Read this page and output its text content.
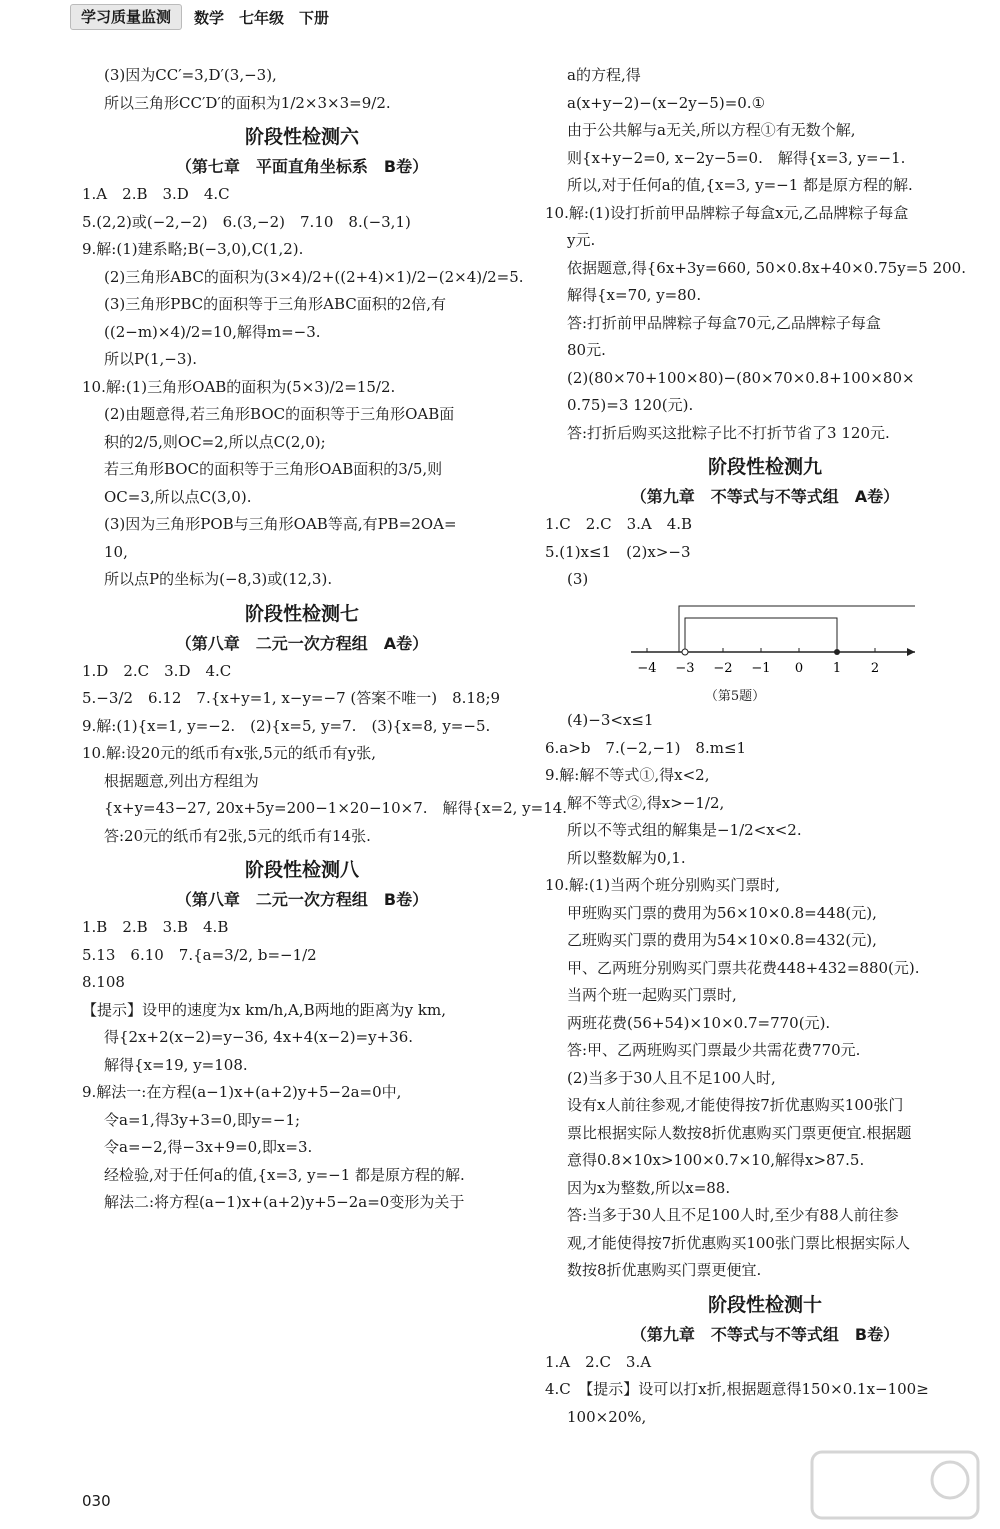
学习质量监测	数学　七年级　下册
(3)因为CC′=3,D′(3,−3),
所以三角形CC′D′的面积为1/2×3×3=9/2.
阶段性检测六
（第七章　平面直角坐标系　B卷）
1.A　2.B　3.D　4.C
5.(2,2)或(−2,−2)　6.(3,−2)　7.10　8.(−3,1)
9.解:(1)建系略;B(−3,0),C(1,2).
(2)三角形ABC的面积为(3×4)/2+((2+4)×1)/2−(2×4)/2=5.
(3)三角形PBC的面积等于三角形ABC面积的2倍,有
((2−m)×4)/2=10,解得m=−3.
所以P(1,−3).
10.解:(1)三角形OAB的面积为(5×3)/2=15/2.
(2)由题意得,若三角形BOC的面积等于三角形OAB面
积的2/5,则OC=2,所以点C(2,0);
若三角形BOC的面积等于三角形OAB面积的3/5,则
OC=3,所以点C(3,0).
(3)因为三角形POB与三角形OAB等高,有PB=2OA=
10,
所以点P的坐标为(−8,3)或(12,3).
阶段性检测七
（第八章　二元一次方程组　A卷）
1.D　2.C　3.D　4.C
5.−3/2　6.12　7.{x+y=1, x−y=−7 (答案不唯一)　8.18;9
9.解:(1){x=1, y=−2.　(2){x=5, y=7.　(3){x=8, y=−5.
10.解:设20元的纸币有x张,5元的纸币有y张,
根据题意,列出方程组为
{x+y=43−27, 20x+5y=200−1×20−10×7.　解得{x=2, y=14.
答:20元的纸币有2张,5元的纸币有14张.
阶段性检测八
（第八章　二元一次方程组　B卷）
1.B　2.B　3.B　4.B
5.13　6.10　7.{a=3/2, b=−1/2
8.108
【提示】设甲的速度为x km/h,A,B两地的距离为y km,
得{2x+2(x−2)=y−36, 4x+4(x−2)=y+36.
解得{x=19, y=108.
9.解法一:在方程(a−1)x+(a+2)y+5−2a=0中,
令a=1,得3y+3=0,即y=−1;
令a=−2,得−3x+9=0,即x=3.
经检验,对于任何a的值,{x=3, y=−1 都是原方程的解.
解法二:将方程(a−1)x+(a+2)y+5−2a=0变形为关于
a的方程,得
a(x+y−2)−(x−2y−5)=0.①
由于公共解与a无关,所以方程①有无数个解,
则{x+y−2=0, x−2y−5=0.　解得{x=3, y=−1.
所以,对于任何a的值,{x=3, y=−1 都是原方程的解.
10.解:(1)设打折前甲品牌粽子每盒x元,乙品牌粽子每盒
y元.
依据题意,得{6x+3y=660, 50×0.8x+40×0.75y=5 200.
解得{x=70, y=80.
答:打折前甲品牌粽子每盒70元,乙品牌粽子每盒
80元.
(2)(80×70+100×80)−(80×70×0.8+100×80×
0.75)=3 120(元).
答:打折后购买这批粽子比不打折节省了3 120元.
阶段性检测九
（第九章　不等式与不等式组　A卷）
1.C　2.C　3.A　4.B
5.(1)x≤1　(2)x>−3
(3)
−4 −3 −2 −1 0 1 2
（第5题）
(4)−3<x≤1
6.a>b　7.(−2,−1)　8.m≤1
9.解:解不等式①,得x<2,
解不等式②,得x>−1/2,
所以不等式组的解集是−1/2<x<2.
所以整数解为0,1.
10.解:(1)当两个班分别购买门票时,
甲班购买门票的费用为56×10×0.8=448(元),
乙班购买门票的费用为54×10×0.8=432(元),
甲、乙两班分别购买门票共花费448+432=880(元).
当两个班一起购买门票时,
两班花费(56+54)×10×0.7=770(元).
答:甲、乙两班购买门票最少共需花费770元.
(2)当多于30人且不足100人时,
设有x人前往参观,才能使得按7折优惠购买100张门
票比根据实际人数按8折优惠购买门票更便宜.根据题
意得0.8×10x>100×0.7×10,解得x>87.5.
因为x为整数,所以x=88.
答:当多于30人且不足100人时,至少有88人前往参
观,才能使得按7折优惠购买100张门票比根据实际人
数按8折优惠购买门票更便宜.
阶段性检测十
（第九章　不等式与不等式组　B卷）
1.A　2.C　3.A
4.C　【提示】设可以打x折,根据题意得150×0.1x−100≥
100×20%,
030
